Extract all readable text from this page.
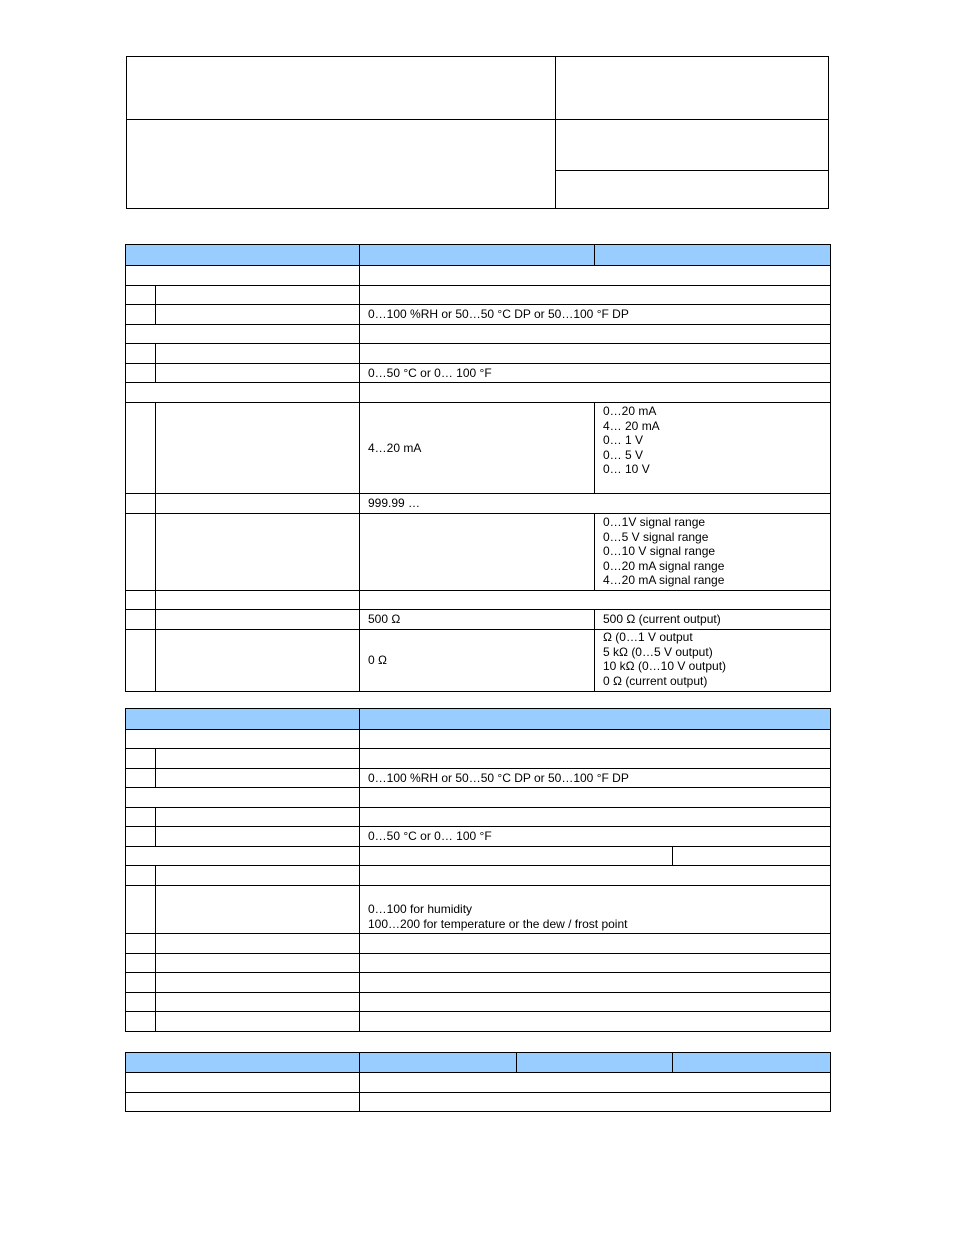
		0…100 %RH or 50…50 °C DP or 50…100 °F DP	

		0…50 °C or 0… 100 °F	

		4…20 mA	0…20 mA
4… 20 mA
0… 1 V
0… 5 V
0… 10 V

		999.99 …	

			0…1V signal range
0…5 V signal range
0…10 V signal range
0…20 mA signal range
4…20 mA signal range

		500 Ω	500 Ω (current output)
		0 Ω	Ω (0…1 V output
5 kΩ (0…5 V output)
10 kΩ (0…10 V output)
0 Ω (current output)

		0…100 %RH or 50…50 °C DP or 50…100 °F DP	

		0…50 °C or 0… 100 °F	

		0…100 for humidity
100…200 for temperature or the dew / frost point	
